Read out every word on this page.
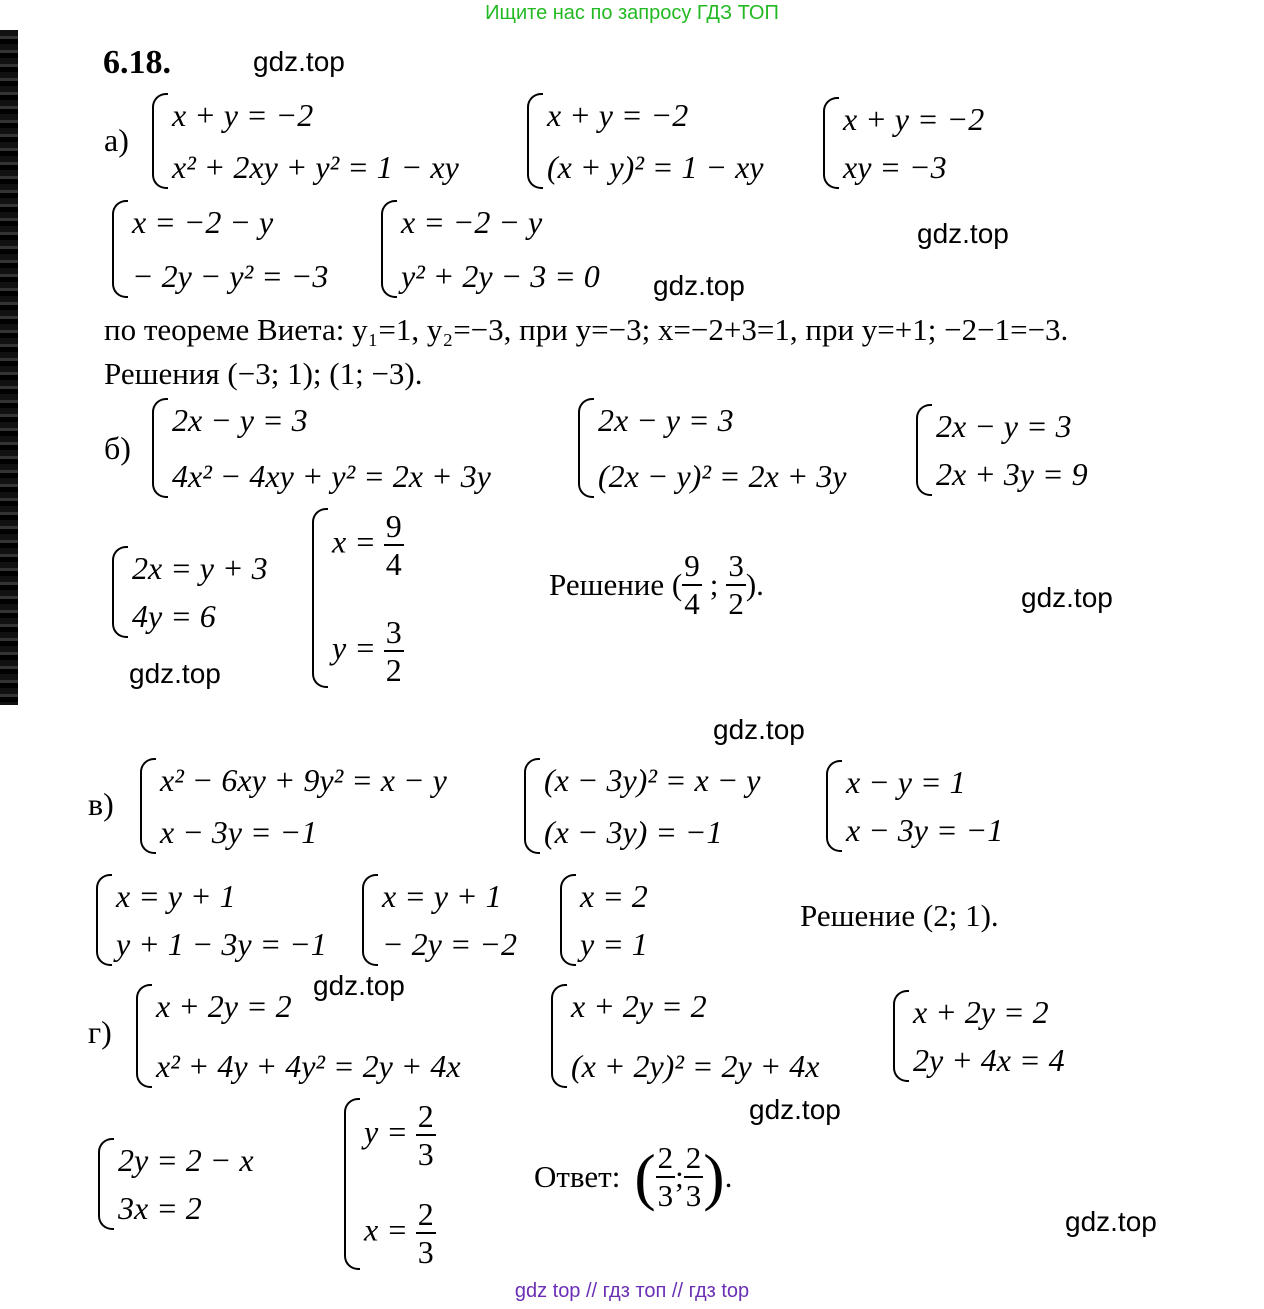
Ищите нас по запросу ГДЗ ТОП
6.18.	gdz.top
gdz.top
gdz.top
gdz.top
gdz.top
gdz.top
gdz.top
gdz.top
gdz.top
а)
x + y = −2
x² + 2xy + y² = 1 − xy
x + y = −2
(x + y)² = 1 − xy
x + y = −2
xy = −3
x = −2 − y
− 2y − y² = −3
x = −2 − y
y² + 2y − 3 = 0
по теореме Виета: y₁=1, y₂=−3, при y=−3; x=−2+3=1, при y=+1; −2−1=−3.
Решения (−3; 1); (1; −3).
б)
2x − y = 3
4x² − 4xy + y² = 2x + 3y
2x − y = 3
(2x − y)² = 2x + 3y
2x − y = 3
2x + 3y = 9
2x = y + 3
4y = 6
$x = \frac{9}{4}$
$y = \frac{3}{2}$
Решение ( $\frac{9}{4}$ ; $\frac{3}{2}$ ).
в)
x² − 6xy + 9y² = x − y
x − 3y = −1
(x − 3y)² = x − y
(x − 3y) = −1
x − y = 1
x − 3y = −1
x = y + 1
y + 1 − 3y = −1
x = y + 1
− 2y = −2
x = 2
y = 1
Решение (2; 1).
г)
x + 2y = 2
x² + 4y + 4y² = 2y + 4x
x + 2y = 2
(x + 2y)² = 2y + 4x
x + 2y = 2
2y + 4x = 4
2y = 2 − x
3x = 2
$y = \frac{2}{3}$
$x = \frac{2}{3}$
Ответ: ( $\frac{2}{3}$ ; $\frac{2}{3}$ ) .
gdz top // гдз топ // гдз top
